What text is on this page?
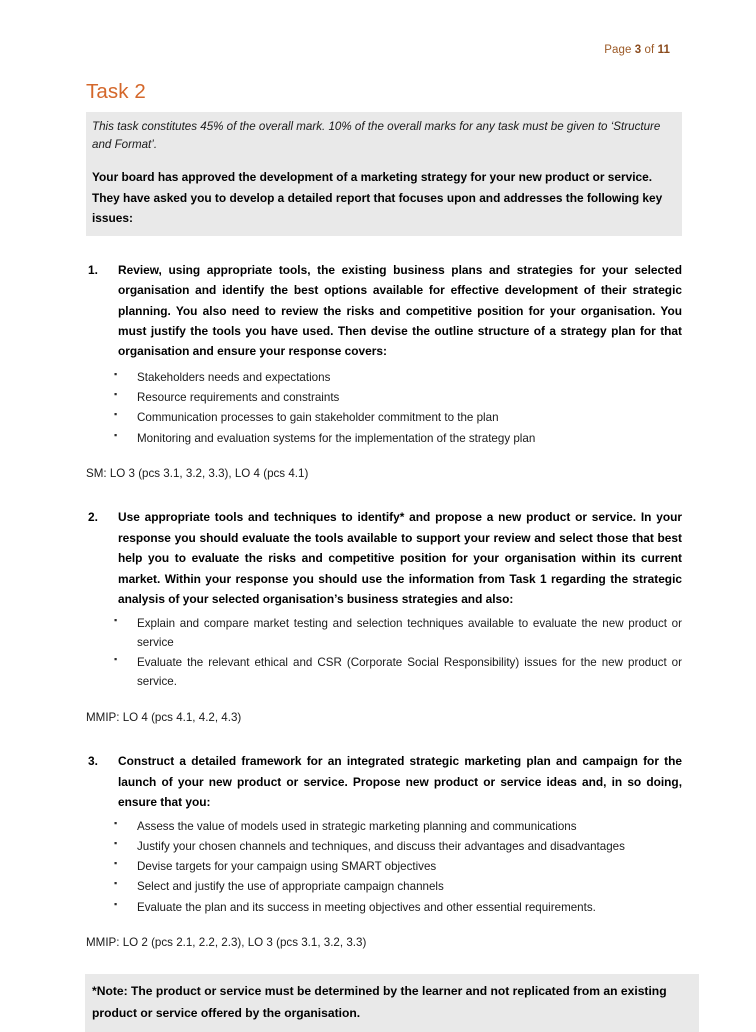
Page 3 of 11
Task 2

This task constitutes 45% of the overall mark. 10% of the overall marks for any task must be given to ‘Structure and Format’.

Your board has approved the development of a marketing strategy for your new product or service. They have asked you to develop a detailed report that focuses upon and addresses the following key issues:

1. Review, using appropriate tools, the existing business plans and strategies for your selected organisation and identify the best options available for effective development of their strategic planning. You also need to review the risks and competitive position for your organisation. You must justify the tools you have used. Then devise the outline structure of a strategy plan for that organisation and ensure your response covers:
▪ Stakeholders needs and expectations
▪ Resource requirements and constraints
▪ Communication processes to gain stakeholder commitment to the plan
▪ Monitoring and evaluation systems for the implementation of the strategy plan
SM: LO 3 (pcs 3.1, 3.2, 3.3), LO 4 (pcs 4.1)
2. Use appropriate tools and techniques to identify* and propose a new product or service. In your response you should evaluate the tools available to support your review and select those that best help you to evaluate the risks and competitive position for your organisation within its current market. Within your response you should use the information from Task 1 regarding the strategic analysis of your selected organisation’s business strategies and also:
▪ Explain and compare market testing and selection techniques available to evaluate the new product or service
▪ Evaluate the relevant ethical and CSR (Corporate Social Responsibility) issues for the new product or service.
MMIP: LO 4 (pcs 4.1, 4.2, 4.3)
3. Construct a detailed framework for an integrated strategic marketing plan and campaign for the launch of your new product or service. Propose new product or service ideas and, in so doing, ensure that you:
▪ Assess the value of models used in strategic marketing planning and communications
▪ Justify your chosen channels and techniques, and discuss their advantages and disadvantages
▪ Devise targets for your campaign using SMART objectives
▪ Select and justify the use of appropriate campaign channels
▪ Evaluate the plan and its success in meeting objectives and other essential requirements.
MMIP: LO 2 (pcs 2.1, 2.2, 2.3), LO 3 (pcs 3.1, 3.2, 3.3)

*Note: The product or service must be determined by the learner and not replicated from an existing product or service offered by the organisation.
